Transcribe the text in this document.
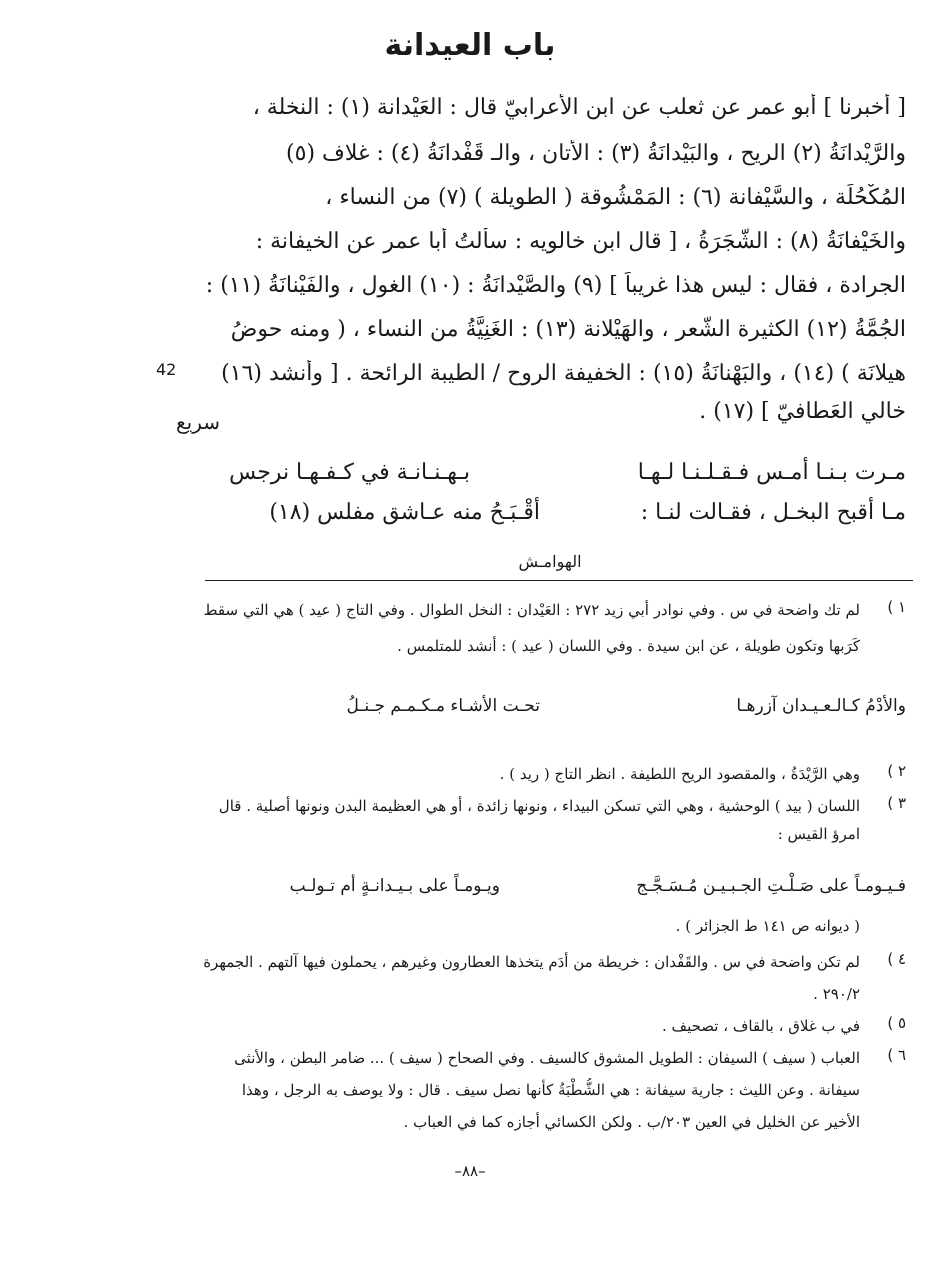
باب العيدانة
[ أخبرنا ] أبو عمر عن ثعلب عن ابن الأعرابيّ قال : العَيْدانة (١) : النخلة ،
والرَّيْدانَةُ (٢) الريح ، والبَيْدانَةُ (٣) : الأتان ، والـ قَفْدانَةُ (٤) : غلاف (٥)
المُكْحُلَة ، والسَّيْفانة (٦) : المَمْشُوقة ( الطويلة ) (٧) من النساء ،
والخَيْفانَةُ (٨) : الشَّجَرَةُ ، [ قال ابن خالويه : سألتُ أبا عمر عن الخيفانة :
الجرادة ، فقال : ليس هذا غريباً ] (٩) والصَّيْدانَةُ : (١٠) الغول ، والفَيْنانَةُ (١١) :
الجُمَّةُ (١٢) الكثيرة الشَّعر ، والهَيْلانة (١٣) : الغَنِيَّةُ من النساء ، ( ومنه حوضُ
هيلانَة ) (١٤) ، والبَهْنانَةُ (١٥) : الخفيفة الروح / الطيبة الرائحة . [ وأنشد (١٦)
خالي العَطافيّ ] (١٧) .
42
سريع
مـرت بـنـا أمـس فـقـلـنـا لـهـا
بـهـنـانـة في كـفـهـا نرجس
مـا أقبح البخـل ، فقـالت لنـا :
أقْـبَـحُ منه عـاشق مفلس (١٨)
الهوامـش
١ )
لم تك واضحة في س . وفي نوادر أبي زيد ٢٧٢ : العَيْدان : النخل الطوال . وفي التاج ( عيد ) هي التي سقط
كَرَبها وتكون طويلة ، عن ابن سيدة . وفي اللسان ( عيد ) : أنشد للمتلمس .
والأدْمُ كـالـعـيـدان آزرهـا
تحـت الأشـاء مـكـمـم جـنـلُ
٢ )
وهي الرَّيْدَةُ ، والمقصود الريح اللطيفة . انظر التاج ( ريد ) .
٣ )
اللسان ( بيد ) الوحشية ، وهي التي تسكن البيداء ، ونونها زائدة ، أو هي العظيمة البدن ونونها أصلية . قال
امرؤ القيس :
فـيـومـاً على صَـلْـتِ الجـبـيـن مُـسَـجَّـج
ويـومـاً على بـيـدانـةٍ أم تـولـب
( ديوانه ص ١٤١ ط الجزائر ) .
٤ )
لم تكن واضحة في س . والقَفْدان : خريطة من أدَم يتخذها العطارون وغيرهم ، يحملون فيها آلتهم . الجمهرة
٢٩٠/٢ .
٥ )
في ب غلاق ، بالقاف ، تصحيف .
٦ )
العباب ( سيف ) السيفان : الطويل المشوق كالسيف . وفي الصحاح ( سيف ) ... ضامر البطن ، والأنثى
سيفانة . وعن الليث : جارية سيفانة : هي الشُّطْبَةُ كأنها نصل سيف . قال : ولا يوصف به الرجل ، وهذا
الأخير عن الخليل في العين ٢٠٣/ب . ولكن الكسائي أجازه كما في العباب .
–٨٨–
